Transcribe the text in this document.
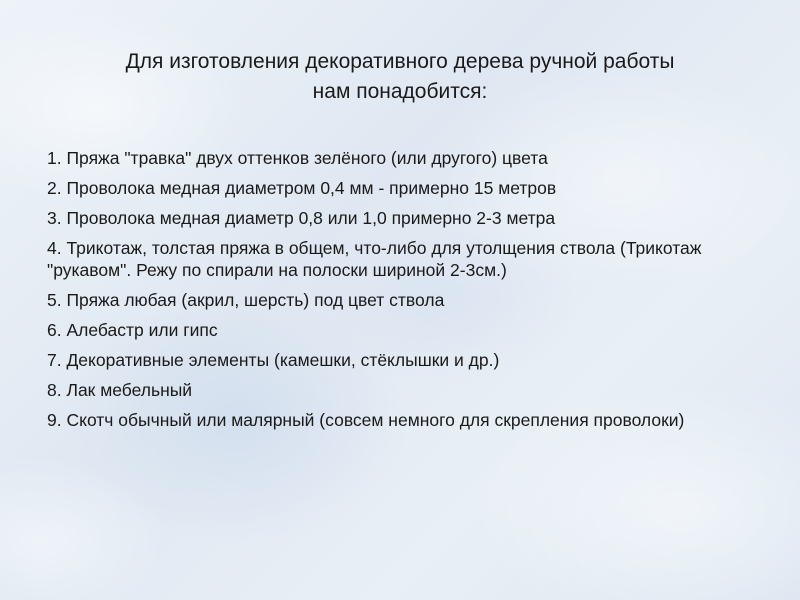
Для изготовления декоративного дерева ручной работы
нам понадобится:
1. Пряжа "травка" двух оттенков зелёного (или другого) цвета
2. Проволока медная диаметром 0,4 мм - примерно 15 метров
3. Проволока медная диаметр 0,8 или 1,0 примерно 2-3 метра
4. Трикотаж, толстая пряжа в общем, что-либо для утолщения ствола (Трикотаж "рукавом". Режу по спирали на полоски шириной 2-3см.)
5. Пряжа любая (акрил, шерсть) под цвет ствола
6. Алебастр или гипс
7. Декоративные элементы (камешки, стёклышки и др.)
8. Лак мебельный
9. Скотч обычный или малярный (совсем немного для скрепления проволоки)
